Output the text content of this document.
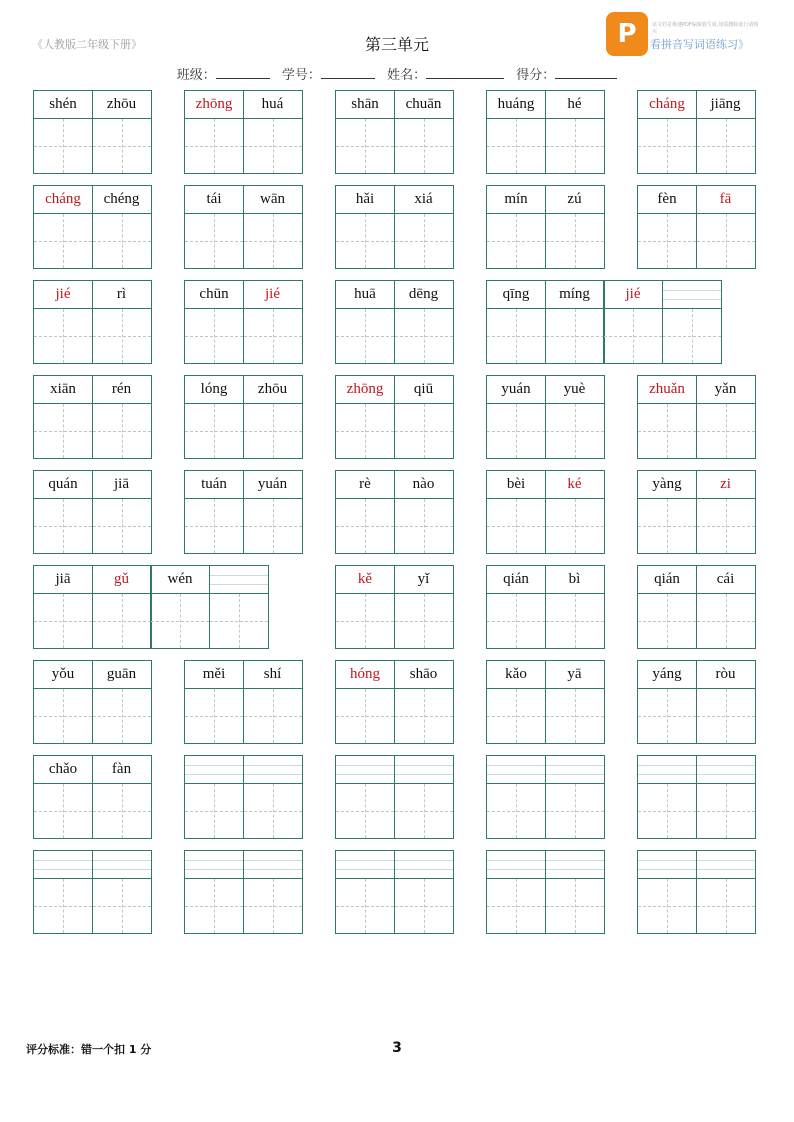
《人教版二年级下册》	第三单元	P	该文档是极速PDF编辑器生成,如需删除此行请购买
看拼音写词语练习》
班级：	学号：	姓名：	得分：
shén zhōu	zhōng huá	shān chuān	huáng hé	cháng jiāng
cháng chéng	tái	wān	hǎi	xiá	mín	zú	fèn	fā
jié	rì	chūn jié	huā dēng	qīng míng jié
xiān rén	lóng zhōu	zhōng qiū	yuán yuè	zhuǎn yǎn
quán jiā	tuán yuán	rè	nào	bèi	ké	yàng	zi
jiā	gǔ	wén	kě	yǐ	qián	bì	qián cái
yǒu guān	měi	shí	hóng shāo	kǎo	yā	yáng ròu
chǎo fàn
评分标准：错一个扣 1 分	3
